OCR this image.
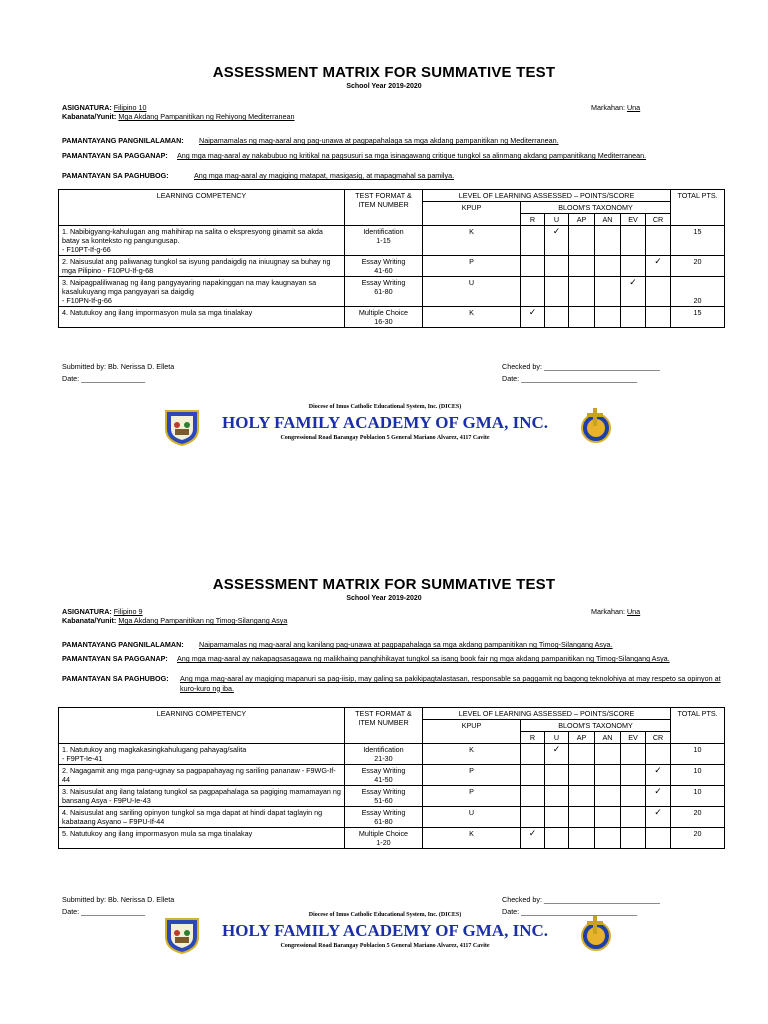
ASSESSMENT MATRIX FOR SUMMATIVE TEST
School Year 2019-2020
ASIGNATURA: Filipino 10	Markahan: Una
Kabanata/Yunit: Mga Akdang Pampanitikan ng Rehiyong Mediterranean
PAMANTAYANG PANGNILALAMAN: Naipamamalas ng mag-aaral ang pag-unawa at pagpapahalaga sa mga akdang pampanitikan ng Mediterranean.
PAMANTAYAN SA PAGGANAP: Ang mga mag-aaral ay nakabubuo ng kritikal na pagsusuri sa mga isinagawang critique tungkol sa alinmang akdang pampanitikang Mediterranean.
PAMANTAYAN SA PAGHUBOG:	Ang mga mag-aaral ay magiging matapat, masigasig, at mapagmahal sa pamilya.
LEARNING COMPETENCY	TEST FORMAT & ITEM NUMBER	LEVEL OF LEARNING ASSESSED – POINTS/SCORE							TOTAL PTS.
		KPUP	BLOOM'S TAXONOMY						
			R	U	AP	AN	EV	CR	
1. Nabibigyang-kahulugan ang mahihirap na salita o ekspresyong ginamit sa akda batay sa konteksto ng pangungusap.
- F10PT-If-g-66	Identification
1-15	K		✓					15
2. Naisusulat ang paliwanag tungkol sa isyung pandaigdig na iniuugnay sa buhay ng mga Pilipino - F10PU-If-g-68	Essay Writing
41-60	P						✓	20
3. Naipagpaliliwanag ng ilang pangyayaring napakinggan na may kaugnayan sa kasalukuyang mga pangyayari sa daigdig
- F10PN-If-g-66	Essay Writing
61-80	U					✓		20
4. Natutukoy ang ilang impormasyon mula sa mga tinalakay	Multiple Choice
16-30	K	✓						15
Submitted by: Bb. Nerissa D. Elleta
Date: ________________
Checked by: _____________________________
Date: _____________________________
Diocese of Imus Catholic Educational System, Inc. (DICES)
HOLY FAMILY ACADEMY OF GMA, INC.
Congressional Road Barangay Poblacion 5 General Mariano Alvarez, 4117 Cavite
ASSESSMENT MATRIX FOR SUMMATIVE TEST
School Year 2019-2020
ASIGNATURA: Filipino 9	Markahan: Una
Kabanata/Yunit: Mga Akdang Pampanitikan ng Timog-Silangang Asya
PAMANTAYANG PANGNILALAMAN: Naipamamalas ng mag-aaral ang kanilang pag-unawa at pagpapahalaga sa mga akdang pampanitikan ng Timog-Silangang Asya.
PAMANTAYAN SA PAGGANAP: Ang mga mag-aaral ay nakapagsasagawa ng malikhaing panghihikayat tungkol sa isang book fair ng mga akdang pampanitikan ng Timog-Silangang Asya.
PAMANTAYAN SA PAGHUBOG: Ang mga mag-aaral ay magiging mapanuri sa pag-iisip, may galing sa pakikipagtalastasan, responsable sa paggamit ng bagong teknolohiya at may respeto sa opinyon at kuro-kuro ng iba.
LEARNING COMPETENCY	TEST FORMAT & ITEM NUMBER	LEVEL OF LEARNING ASSESSED – POINTS/SCORE							TOTAL PTS.
		KPUP	BLOOM'S TAXONOMY						
			R	U	AP	AN	EV	CR	
1. Natutukoy ang magkakasingkahulugang pahayag/salita
- F9PT-Ie-41	Identification
21-30	K		✓					10
2. Nagagamit ang mga pang-ugnay sa pagpapahayag ng sariling pananaw - F9WG-If-44	Essay Writing
41-50	P						✓	10
3. Naisusulat ang ilang talatang tungkol sa pagpapahalaga sa pagiging mamamayan ng bansang Asya - F9PU-Ie-43	Essay Writing
51-60	P						✓	10
4. Naisusulat ang sariling opinyon tungkol sa mga dapat at hindi dapat taglayin ng kabataang Asyano – F9PU-If-44	Essay Writing
61-80	U						✓	20
5. Natutukoy ang ilang impormasyon mula sa mga tinalakay	Multiple Choice
1-20	K	✓						20
Submitted by: Bb. Nerissa D. Elleta
Date: ________________
Checked by: _____________________________
Date: _____________________________
Diocese of Imus Catholic Educational System, Inc. (DICES)
HOLY FAMILY ACADEMY OF GMA, INC.
Congressional Road Barangay Poblacion 5 General Mariano Alvarez, 4117 Cavite
